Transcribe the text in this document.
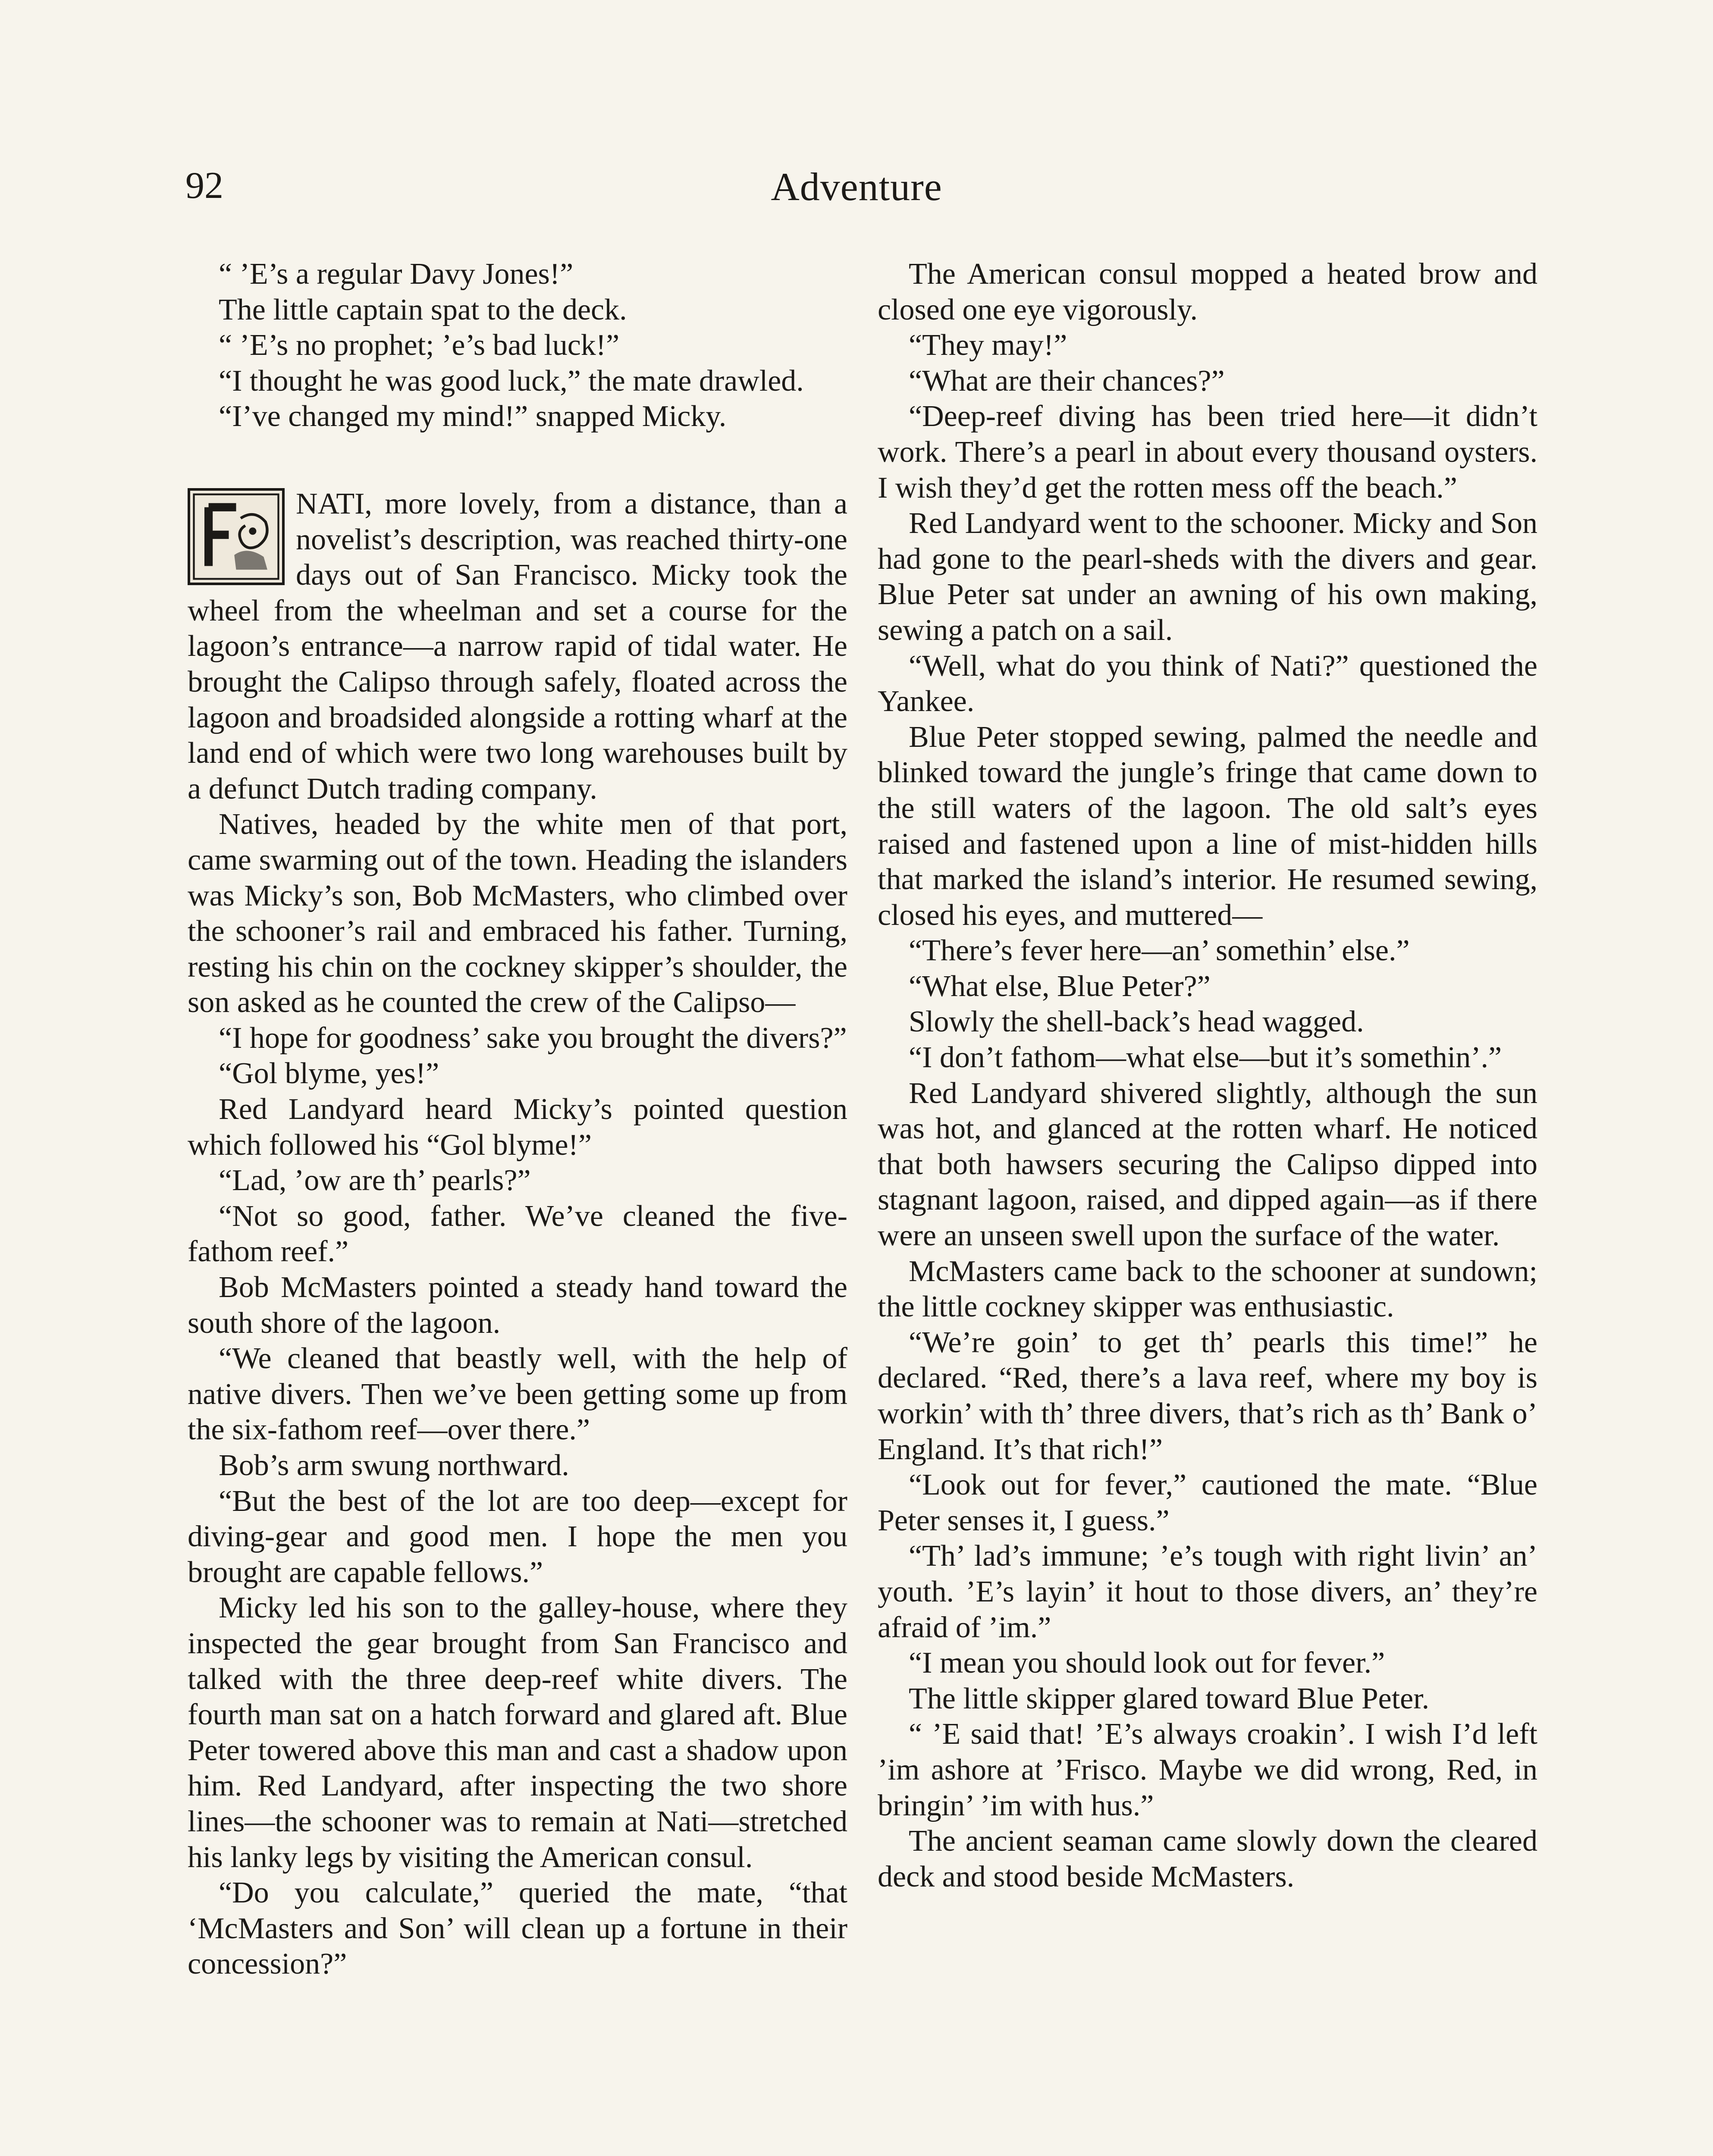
92	Adventure

“ ’E’s a regular Davy Jones!”

The little captain spat to the deck.

“ ’E’s no prophet; ’e’s bad luck!”

“I thought he was good luck,” the mate drawled.

“I’ve changed my mind!” snapped Micky.

NATI, more lovely, from a distance, than a novelist’s description, was reached thirty-one days out of San Francisco. Micky took the wheel from the wheelman and set a course for the lagoon’s entrance—a narrow rapid of tidal water. He brought the Calipso through safely, floated across the lagoon and broadsided alongside a rotting wharf at the land end of which were two long warehouses built by a defunct Dutch trading company.

Natives, headed by the white men of that port, came swarming out of the town. Heading the islanders was Micky’s son, Bob McMasters, who climbed over the schooner’s rail and embraced his father. Turning, resting his chin on the cockney skipper’s shoulder, the son asked as he counted the crew of the Calipso—

“I hope for goodness’ sake you brought the divers?”

“Gol blyme, yes!”

Red Landyard heard Micky’s pointed question which followed his “Gol blyme!”

“Lad, ’ow are th’ pearls?”

“Not so good, father. We’ve cleaned the five-fathom reef.”

Bob McMasters pointed a steady hand toward the south shore of the lagoon.

“We cleaned that beastly well, with the help of native divers. Then we’ve been getting some up from the six-fathom reef—over there.”

Bob’s arm swung northward.

“But the best of the lot are too deep—except for diving-gear and good men. I hope the men you brought are capable fellows.”

Micky led his son to the galley-house, where they inspected the gear brought from San Francisco and talked with the three deep-reef white divers. The fourth man sat on a hatch forward and glared aft. Blue Peter towered above this man and cast a shadow upon him. Red Landyard, after inspecting the two shore lines—the schooner was to remain at Nati—stretched his lanky legs by visiting the American consul.

“Do you calculate,” queried the mate, “that ‘McMasters and Son’ will clean up a fortune in their concession?”

The American consul mopped a heated brow and closed one eye vigorously.

“They may!”

“What are their chances?”

“Deep-reef diving has been tried here—it didn’t work. There’s a pearl in about every thousand oysters. I wish they’d get the rotten mess off the beach.”

Red Landyard went to the schooner. Micky and Son had gone to the pearl-sheds with the divers and gear. Blue Peter sat under an awning of his own making, sewing a patch on a sail.

“Well, what do you think of Nati?” questioned the Yankee.

Blue Peter stopped sewing, palmed the needle and blinked toward the jungle’s fringe that came down to the still waters of the lagoon. The old salt’s eyes raised and fastened upon a line of mist-hidden hills that marked the island’s interior. He resumed sewing, closed his eyes, and muttered—

“There’s fever here—an’ somethin’ else.”

“What else, Blue Peter?”

Slowly the shell-back’s head wagged.

“I don’t fathom—what else—but it’s somethin’.”

Red Landyard shivered slightly, although the sun was hot, and glanced at the rotten wharf. He noticed that both hawsers securing the Calipso dipped into stagnant lagoon, raised, and dipped again—as if there were an unseen swell upon the surface of the water.

McMasters came back to the schooner at sundown; the little cockney skipper was enthusiastic.

“We’re goin’ to get th’ pearls this time!” he declared. “Red, there’s a lava reef, where my boy is workin’ with th’ three divers, that’s rich as th’ Bank o’ England. It’s that rich!”

“Look out for fever,” cautioned the mate. “Blue Peter senses it, I guess.”

“Th’ lad’s immune; ’e’s tough with right livin’ an’ youth. ’E’s layin’ it hout to those divers, an’ they’re afraid of ’im.”

“I mean you should look out for fever.”

The little skipper glared toward Blue Peter.

“ ’E said that! ’E’s always croakin’. I wish I’d left ’im ashore at ’Frisco. Maybe we did wrong, Red, in bringin’ ’im with hus.”

The ancient seaman came slowly down the cleared deck and stood beside McMasters.
